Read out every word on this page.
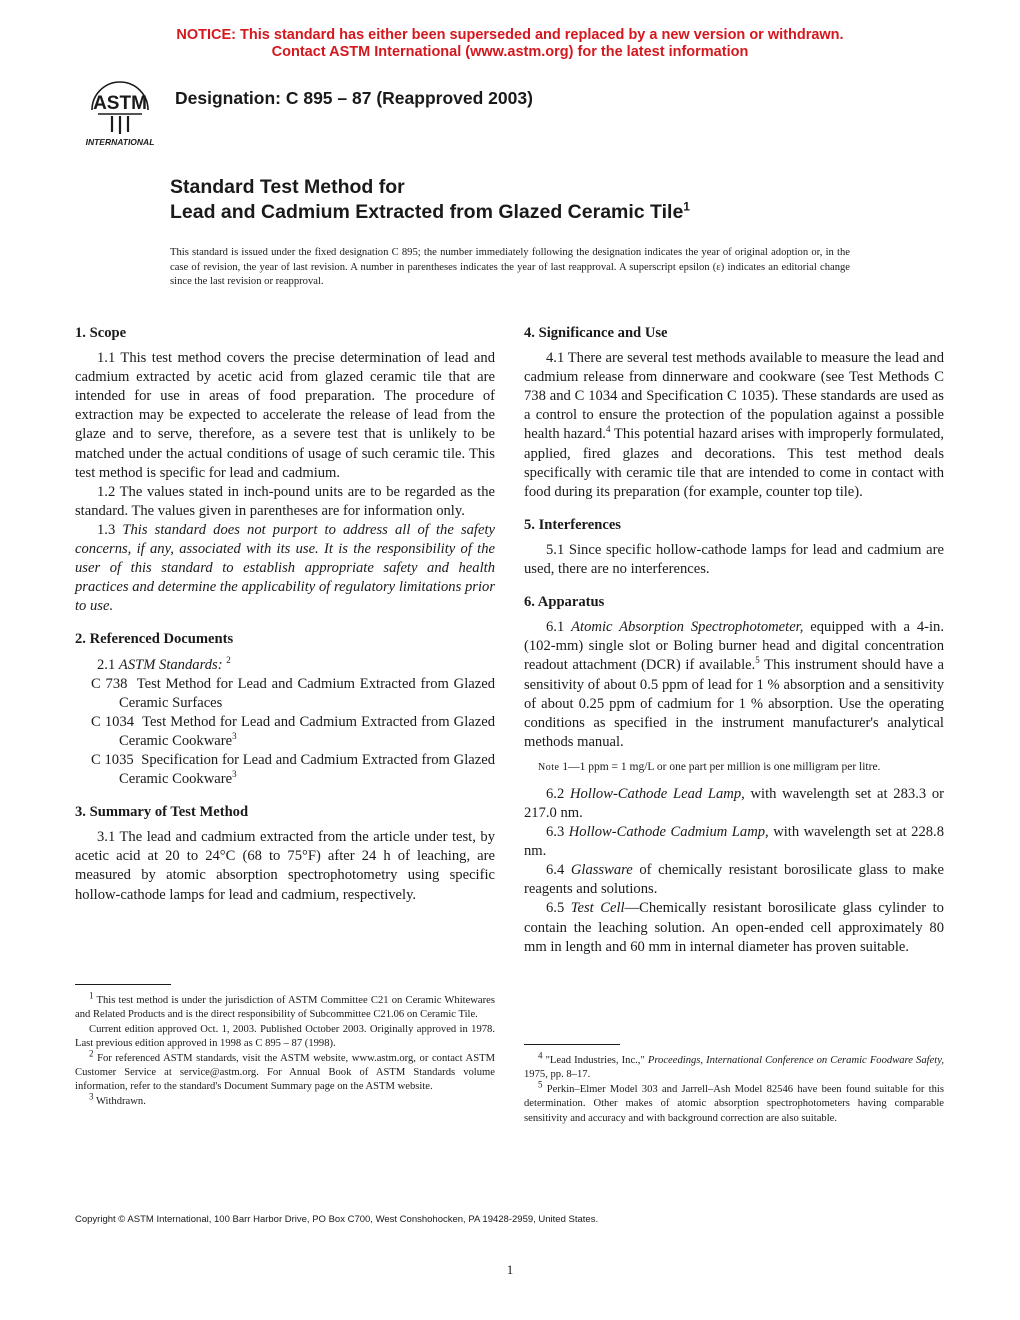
NOTICE: This standard has either been superseded and replaced by a new version or withdrawn.
Contact ASTM International (www.astm.org) for the latest information
ASTM
INTERNATIONAL
Designation: C 895 – 87 (Reapproved 2003)
Standard Test Method for
Lead and Cadmium Extracted from Glazed Ceramic Tile$^1$
This standard is issued under the fixed designation C 895; the number immediately following the designation indicates the year of original adoption or, in the case of revision, the year of last revision. A number in parentheses indicates the year of last reapproval. A superscript epsilon (ε) indicates an editorial change since the last revision or reapproval.
1. Scope

1.1 This test method covers the precise determination of lead and cadmium extracted by acetic acid from glazed ceramic tile that are intended for use in areas of food preparation. The procedure of extraction may be expected to accelerate the release of lead from the glaze and to serve, therefore, as a severe test that is unlikely to be matched under the actual conditions of usage of such ceramic tile. This test method is specific for lead and cadmium.

1.2 The values stated in inch-pound units are to be regarded as the standard. The values given in parentheses are for information only.

1.3 This standard does not purport to address all of the safety concerns, if any, associated with its use. It is the responsibility of the user of this standard to establish appropriate safety and health practices and determine the applicability of regulatory limitations prior to use.

2. Referenced Documents

2.1 ASTM Standards: $^2$

C 738 Test Method for Lead and Cadmium Extracted from Glazed Ceramic Surfaces
C 1034 Test Method for Lead and Cadmium Extracted from Glazed Ceramic Cookware$^3$
C 1035 Specification for Lead and Cadmium Extracted from Glazed Ceramic Cookware$^3$
3. Summary of Test Method

3.1 The lead and cadmium extracted from the article under test, by acetic acid at 20 to 24°C (68 to 75°F) after 24 h of leaching, are measured by atomic absorption spectrophotometry using specific hollow-cathode lamps for lead and cadmium, respectively.

$^1$ This test method is under the jurisdiction of ASTM Committee C21 on Ceramic Whitewares and Related Products and is the direct responsibility of Subcommittee C21.06 on Ceramic Tile.

Current edition approved Oct. 1, 2003. Published October 2003. Originally approved in 1978. Last previous edition approved in 1998 as C 895 – 87 (1998).

$^2$ For referenced ASTM standards, visit the ASTM website, www.astm.org, or contact ASTM Customer Service at service@astm.org. For Annual Book of ASTM Standards volume information, refer to the standard's Document Summary page on the ASTM website.

$^3$ Withdrawn.

4. Significance and Use

4.1 There are several test methods available to measure the lead and cadmium release from dinnerware and cookware (see Test Methods C 738 and C 1034 and Specification C 1035). These standards are used as a control to ensure the protection of the population against a possible health hazard.$^4$ This potential hazard arises with improperly formulated, applied, fired glazes and decorations. This test method deals specifically with ceramic tile that are intended to come in contact with food during its preparation (for example, counter top tile).

5. Interferences

5.1 Since specific hollow-cathode lamps for lead and cadmium are used, there are no interferences.

6. Apparatus

6.1 Atomic Absorption Spectrophotometer, equipped with a 4-in. (102-mm) single slot or Boling burner head and digital concentration readout attachment (DCR) if available.$^5$ This instrument should have a sensitivity of about 0.5 ppm of lead for 1 % absorption and a sensitivity of about 0.25 ppm of cadmium for 1 % absorption. Use the operating conditions as specified in the instrument manufacturer's analytical methods manual.

Note 1—1 ppm = 1 mg/L or one part per million is one milligram per litre.

6.2 Hollow-Cathode Lead Lamp, with wavelength set at 283.3 or 217.0 nm.

6.3 Hollow-Cathode Cadmium Lamp, with wavelength set at 228.8 nm.

6.4 Glassware of chemically resistant borosilicate glass to make reagents and solutions.

6.5 Test Cell—Chemically resistant borosilicate glass cylinder to contain the leaching solution. An open-ended cell approximately 80 mm in length and 60 mm in internal diameter has proven suitable.

$^4$ "Lead Industries, Inc.," Proceedings, International Conference on Ceramic Foodware Safety, 1975, pp. 8–17.

$^5$ Perkin–Elmer Model 303 and Jarrell–Ash Model 82546 have been found suitable for this determination. Other makes of atomic absorption spectrophotometers having comparable sensitivity and accuracy and with background correction are also suitable.

Copyright © ASTM International, 100 Barr Harbor Drive, PO Box C700, West Conshohocken, PA 19428-2959, United States.
1
